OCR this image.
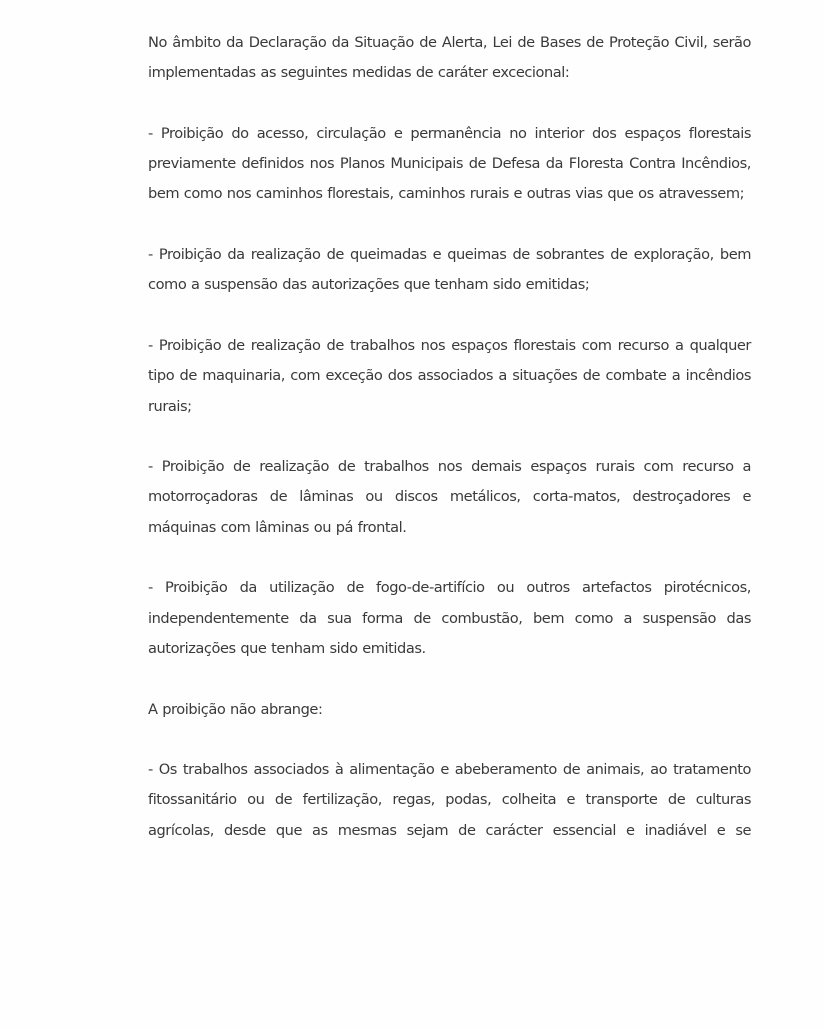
No âmbito da Declaração da Situação de Alerta, Lei de Bases de Proteção Civil, serão implementadas as seguintes medidas de caráter excecional:

- Proibição do acesso, circulação e permanência no interior dos espaços florestais previamente definidos nos Planos Municipais de Defesa da Floresta Contra Incêndios, bem como nos caminhos florestais, caminhos rurais e outras vias que os atravessem;

- Proibição da realização de queimadas e queimas de sobrantes de exploração, bem como a suspensão das autorizações que tenham sido emitidas;

- Proibição de realização de trabalhos nos espaços florestais com recurso a qualquer tipo de maquinaria, com exceção dos associados a situações de combate a incêndios rurais;

- Proibição de realização de trabalhos nos demais espaços rurais com recurso a motorroçadoras de lâminas ou discos metálicos, corta-matos, destroçadores e máquinas com lâminas ou pá frontal.

- Proibição da utilização de fogo-de-artifício ou outros artefactos pirotécnicos, independentemente da sua forma de combustão, bem como a suspensão das autorizações que tenham sido emitidas.

A proibição não abrange:

- Os trabalhos associados à alimentação e abeberamento de animais, ao tratamento fitossanitário ou de fertilização, regas, podas, colheita e transporte de culturas agrícolas, desde que as mesmas sejam de carácter essencial e inadiável e se
